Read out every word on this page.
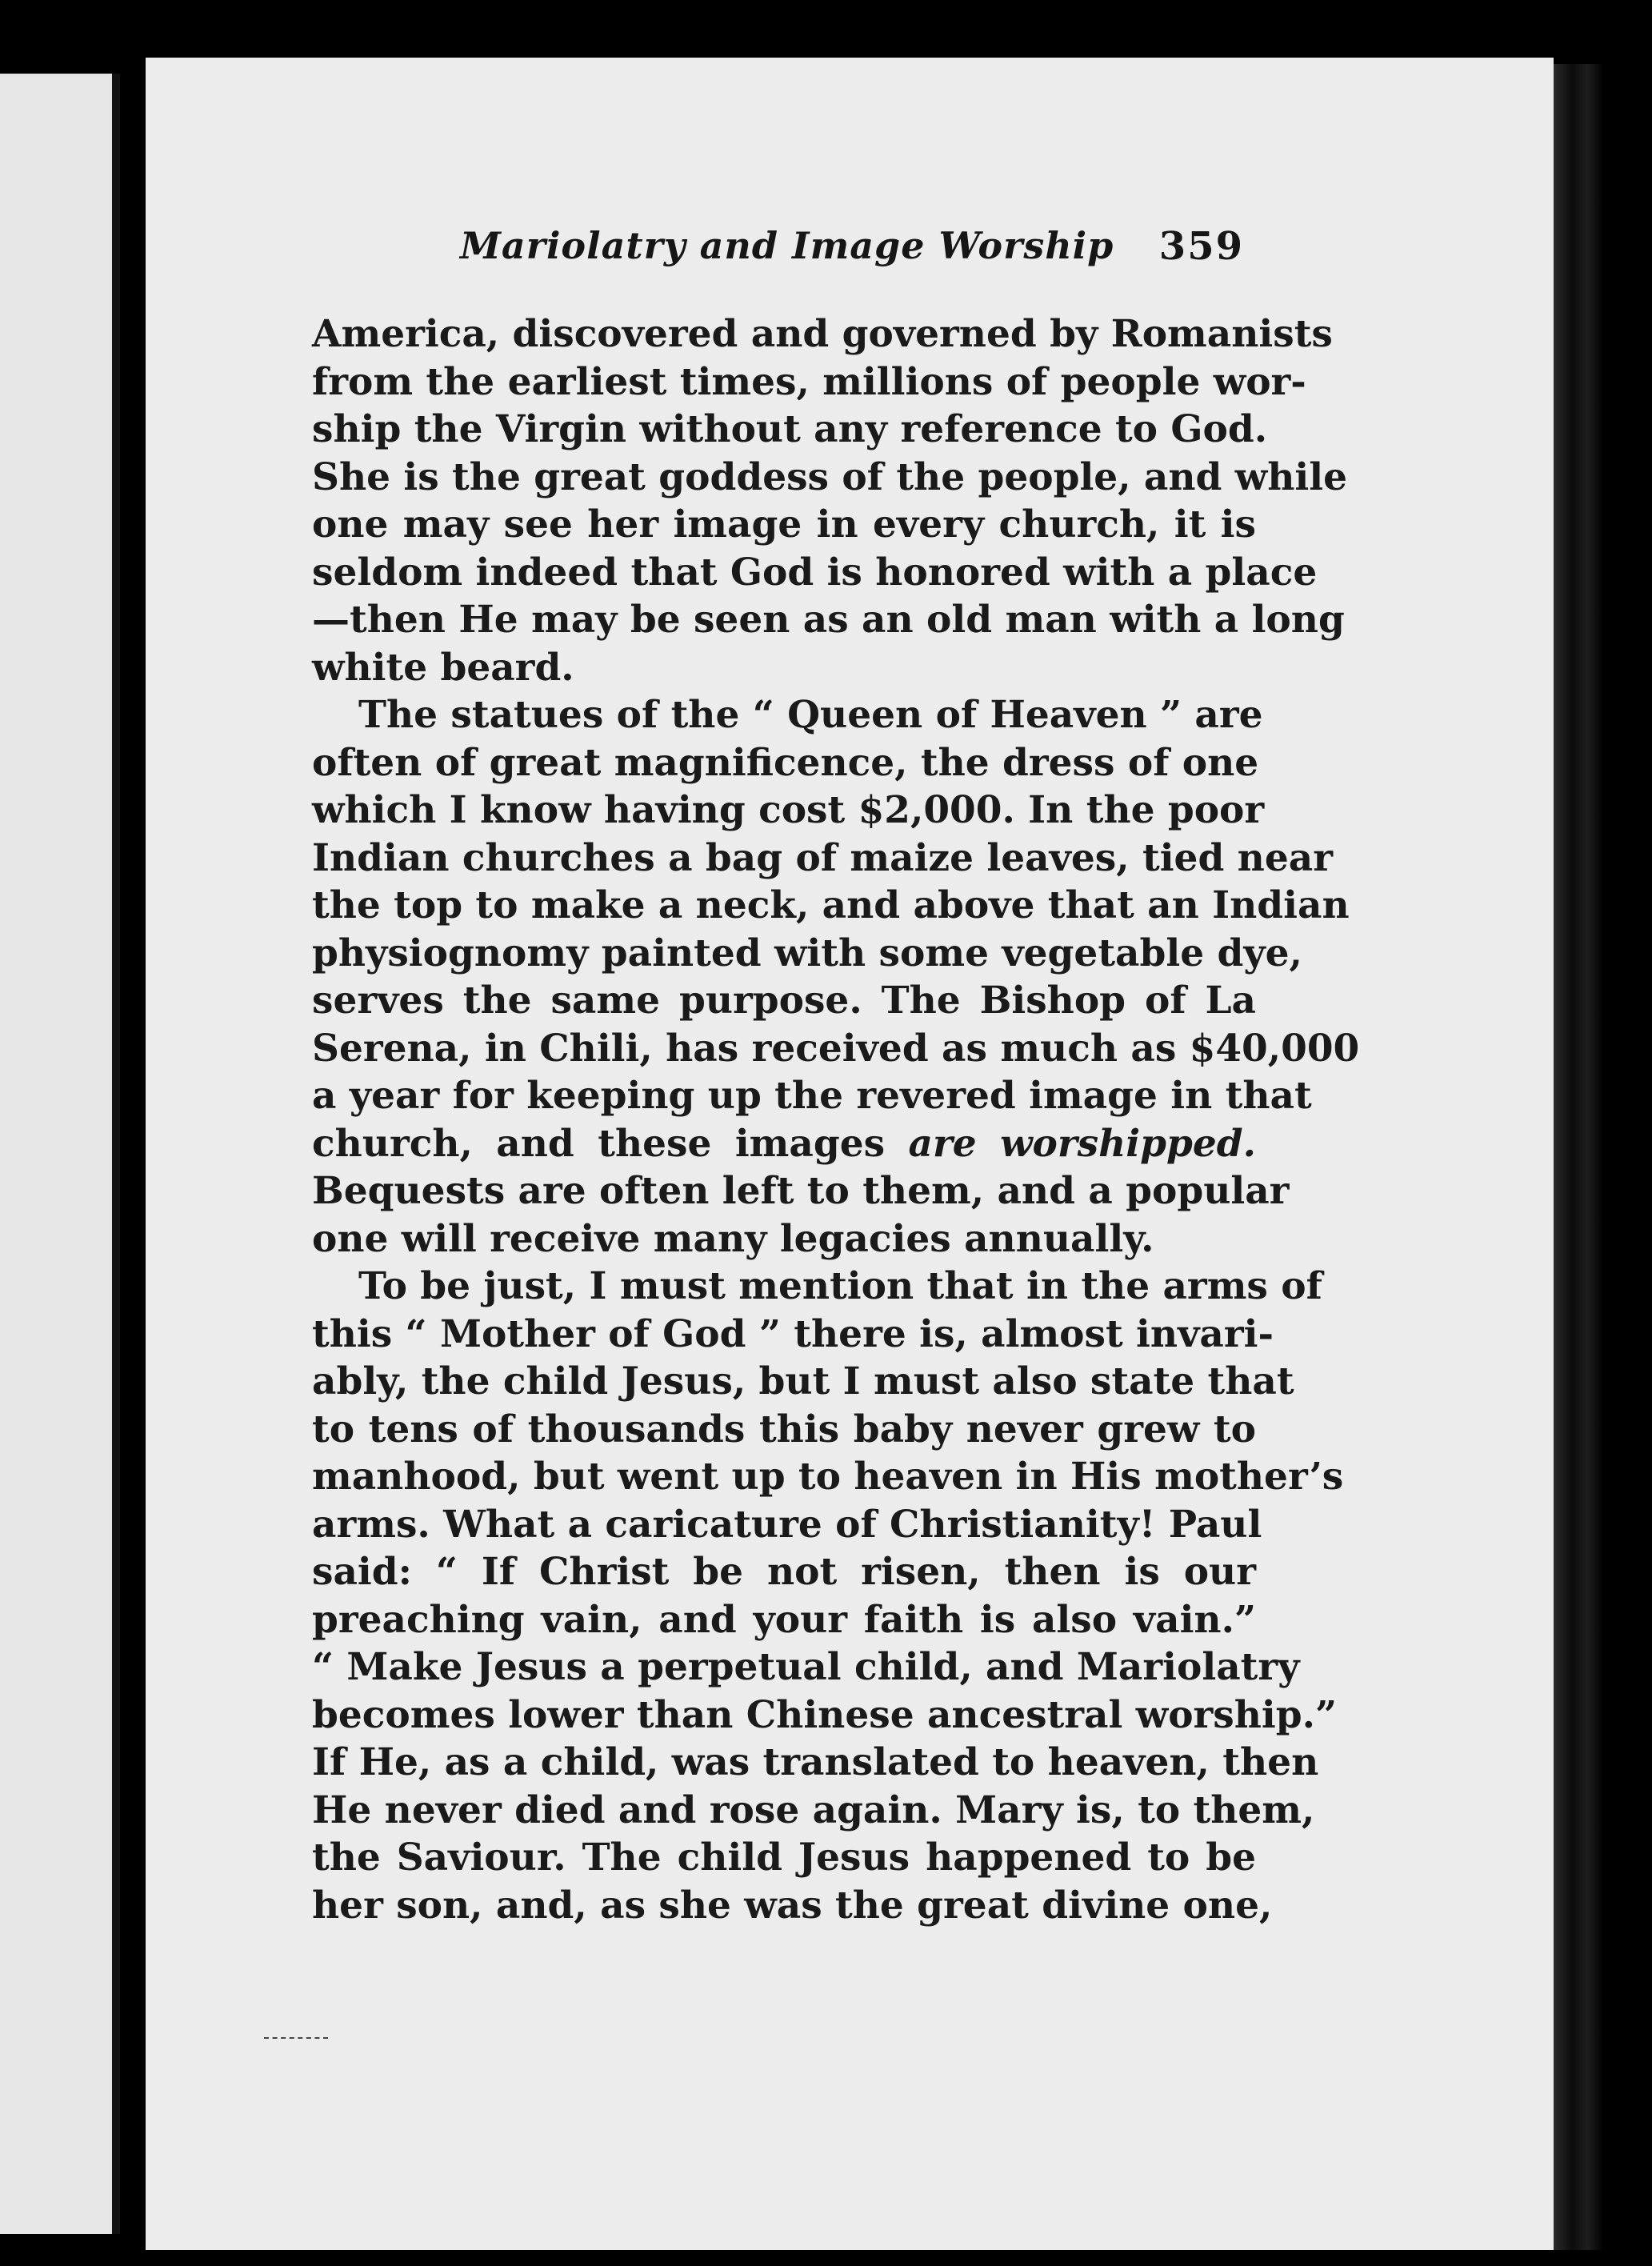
Mariolatry and Image Worship 359

America, discovered and governed by Romanists
from the earliest times, millions of people wor-
ship the Virgin without any reference to God.
She is the great goddess of the people, and while
one may see her image in every church, it is
seldom indeed that God is honored with a place
—then He may be seen as an old man with a long
white beard.

The statues of the “ Queen of Heaven ” are
often of great magnificence, the dress of one
which I know having cost $2,000. In the poor
Indian churches a bag of maize leaves, tied near
the top to make a neck, and above that an Indian
physiognomy painted with some vegetable dye,
serves the same purpose. The Bishop of La
Serena, in Chili, has received as much as $40,000
a year for keeping up the revered image in that
church, and these images are worshipped.
Bequests are often left to them, and a popular
one will receive many legacies annually.

To be just, I must mention that in the arms of
this “ Mother of God ” there is, almost invari-
ably, the child Jesus, but I must also state that
to tens of thousands this baby never grew to
manhood, but went up to heaven in His mother’s
arms. What a caricature of Christianity! Paul
said: “ If Christ be not risen, then is our
preaching vain, and your faith is also vain.”
“ Make Jesus a perpetual child, and Mariolatry
becomes lower than Chinese ancestral worship.”
If He, as a child, was translated to heaven, then
He never died and rose again. Mary is, to them,
the Saviour. The child Jesus happened to be
her son, and, as she was the great divine one,
